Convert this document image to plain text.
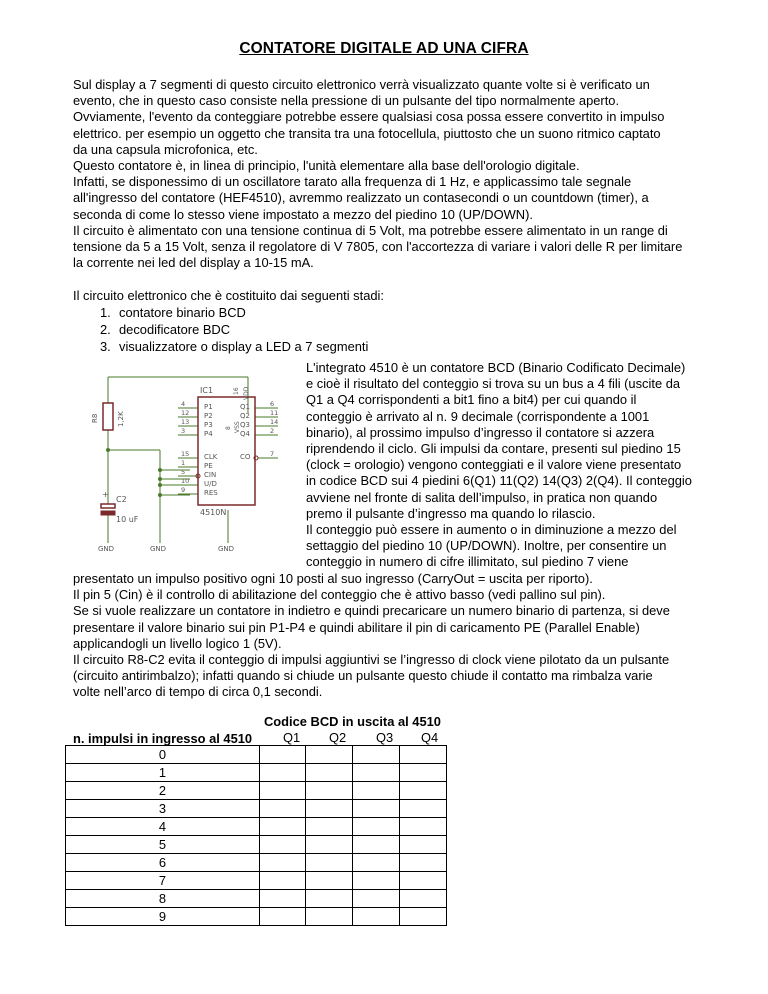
CONTATORE DIGITALE AD UNA CIFRA
Sul display a 7 segmenti di questo circuito elettronico verrà visualizzato quante volte si è verificato un
evento, che in questo caso consiste nella pressione di un pulsante del tipo normalmente aperto.
Ovviamente, l'evento da conteggiare potrebbe essere qualsiasi cosa possa essere convertito in impulso
elettrico. per esempio un oggetto che transita tra una fotocellula, piuttosto che un suono ritmico captato
da una capsula microfonica, etc.
Questo contatore è, in linea di principio, l'unità elementare alla base dell'orologio digitale.
Infatti, se disponessimo di un oscillatore tarato alla frequenza di 1 Hz, e applicassimo tale segnale
all'ingresso del contatore (HEF4510), avremmo realizzato un contasecondi o un countdown (timer), a
seconda di come lo stesso viene impostato a mezzo del piedino 10 (UP/DOWN).
Il circuito è alimentato con una tensione continua di 5 Volt, ma potrebbe essere alimentato in un range di
tensione da 5 a 15 Volt, senza il regolatore di V 7805, con l'accortezza di variare i valori delle R per limitare
la corrente nei led del display a 10-15 mA.
Il circuito elettronico che è costituito dai seguenti stadi:
1. contatore binario BCD
2. decodificatore BDC
3. visualizzatore o display a LED a 7 segmenti
IC1
4510N
R8	1,2K
C2
10 uF
GND	GND	GND
16 VDD
8 VSS
4	P1
12 P2
13 P3
3	P4
15 CLK
1	PE
5	CIN
10 U/D
9	RES
6
Q1
11
Q2
14
Q3
2
Q4
7
CO
+
L'integrato 4510 è un contatore BCD (Binario Codificato Decimale)
e cioè il risultato del conteggio si trova su un bus a 4 fili (uscite da
Q1 a Q4 corrispondenti a bit1 fino a bit4) per cui quando il
conteggio è arrivato al n. 9 decimale (corrispondente a 1001
binario), al prossimo impulso d’ingresso il contatore si azzera
riprendendo il ciclo. Gli impulsi da contare, presenti sul piedino 15
(clock = orologio) vengono conteggiati e il valore viene presentato
in codice BCD sui 4 piedini 6(Q1) 11(Q2) 14(Q3) 2(Q4). Il conteggio
avviene nel fronte di salita dell’impulso, in pratica non quando
premo il pulsante d’ingresso ma quando lo rilascio.
Il conteggio può essere in aumento o in diminuzione a mezzo del
settaggio del piedino 10 (UP/DOWN). Inoltre, per consentire un
conteggio in numero di cifre illimitato, sul piedino 7 viene
presentato un impulso positivo ogni 10 posti al suo ingresso (CarryOut = uscita per riporto).
Il pin 5 (Cin) è il controllo di abilitazione del conteggio che è attivo basso (vedi pallino sul pin).
Se si vuole realizzare un contatore in indietro e quindi precaricare un numero binario di partenza, si deve
presentare il valore binario sui pin P1-P4 e quindi abilitare il pin di caricamento PE (Parallel Enable)
applicandogli un livello logico 1 (5V).
Il circuito R8-C2 evita il conteggio di impulsi aggiuntivi se l’ingresso di clock viene pilotato da un pulsante
(circuito antirimbalzo); infatti quando si chiude un pulsante questo chiude il contatto ma rimbalza varie
volte nell’arco di tempo di circa 0,1 secondi.
Codice BCD in uscita al 4510
n. impulsi in ingresso al 4510 Q1 Q2 Q3 Q4
0				
1				
2				
3				
4				
5				
6				
7				
8				
9				
